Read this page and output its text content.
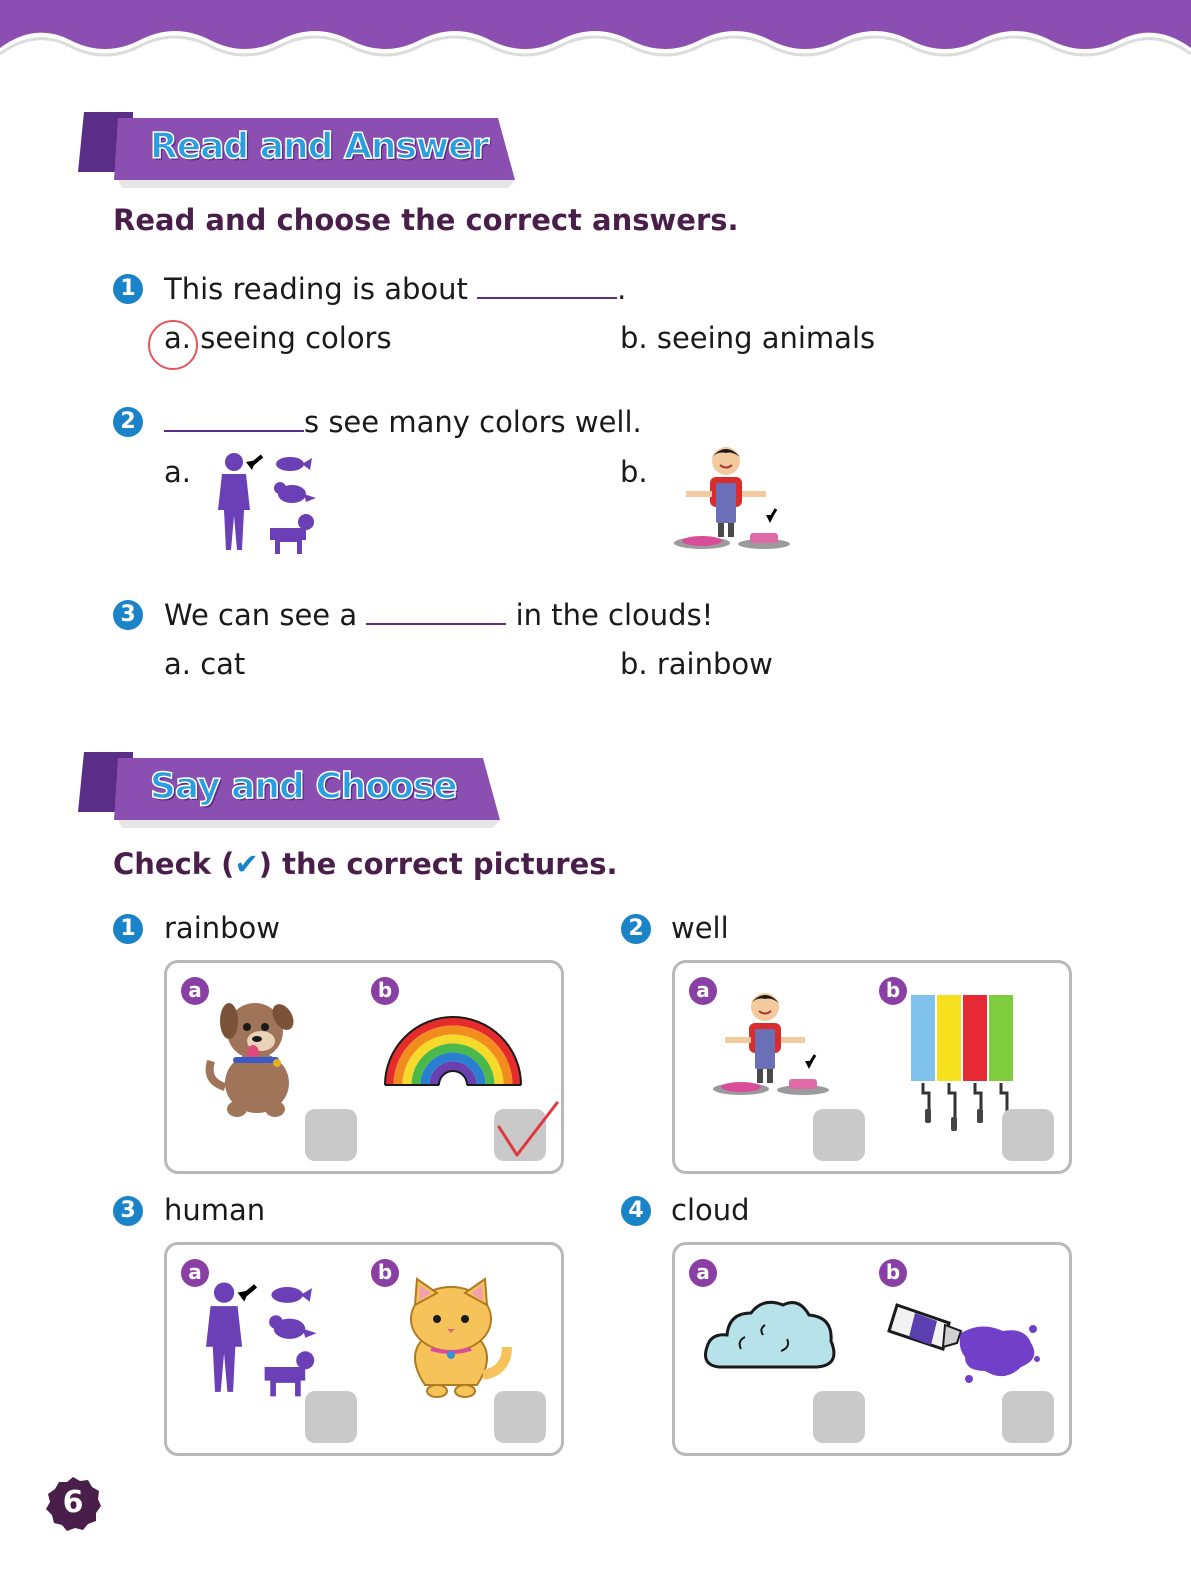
Read and Answer
Read and choose the correct answers.
1 This reading is about	.
a. seeing colors	b. seeing animals
2	s see many colors well.
a.	b.
3 We can see a	in the clouds!
a. cat	b. rainbow
Say and Choose
Check (✔) the correct pictures.
1 rainbow
a	b
2 well
a	b
3 human
a	b
4 cloud
a	b
6
